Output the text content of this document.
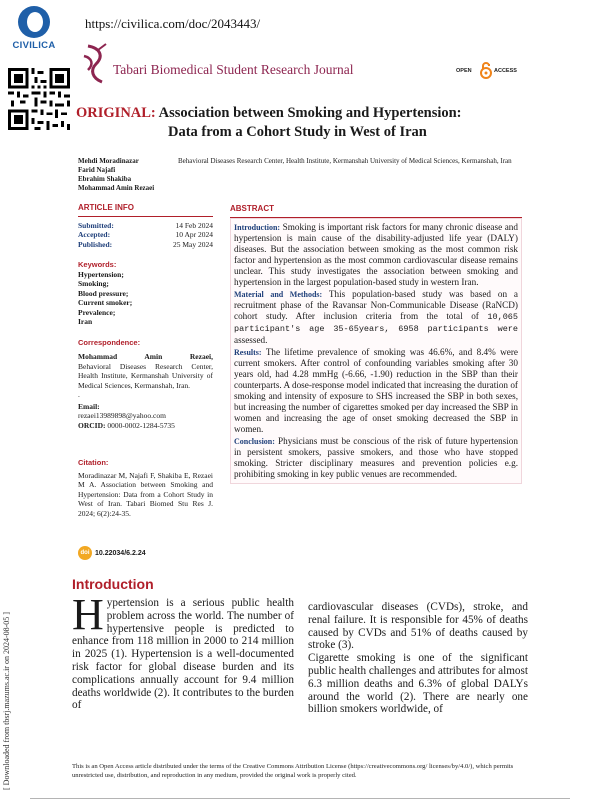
CIVILICA
https://civilica.com/doc/2043443/
Tabari Biomedical Student Research Journal	OPEN	ACCESS
ORIGINAL: Association between Smoking and Hypertension:
Data from a Cohort Study in West of Iran
Mehdi Moradinazar
Farid Najafi
Ebrahim Shakiba
Mohammad Amin Rezaei
Behavioral Diseases Research Center, Health Institute, Kermanshah University of Medical Sciences, Kermanshah, Iran
ARTICLE INFO
Submitted:	14 Feb 2024
Accepted:	10 Apr 2024
Published:	25 May 2024
Keywords:
Hypertension;
Smoking;
Blood pressure;
Current smoker;
Prevalence;
Iran
Correspondence:
Mohammad Amin Rezaei,
Behavioral Diseases Research Center, Health Institute, Kermanshah University of Medical Sciences, Kermanshah, Iran.
.
Email:
rezaei13989898@yahoo.com
ORCID: 0000-0002-1284-5735
Citation:
Moradinazar M, Najafi F, Shakiba E, Rezaei M A. Association between Smoking and Hypertension: Data from a Cohort Study in West of Iran. Tabari Biomed Stu Res J. 2024; 6(2):24-35.
doi 10.22034/6.2.24
ABSTRACT
Introduction: Smoking is important risk factors for many chronic disease and hypertension is main cause of the disability-adjusted life year (DALY) diseases. But the association between smoking as the most common risk factor and hypertension as the most common cardiovascular disease remains unclear. This study investigates the association between smoking and hypertension in the largest population-based study in western Iran.
Material and Methods: This population-based study was based on a recruitment phase of the Ravansar Non-Communicable Disease (RaNCD) cohort study. After inclusion criteria from the total of 10,065 participant's age 35-65years, 6958 participants were assessed.
Results: The lifetime prevalence of smoking was 46.6%, and 8.4% were current smokers. After control of confounding variables smoking after 30 years old, had 4.28 mmHg (-6.66, -1.90) reduction in the SBP than their counterparts. A dose-response model indicated that increasing the duration of smoking and intensity of exposure to SHS increased the SBP in both sexes, but increasing the number of cigarettes smoked per day increased the SBP in women and increasing the age of onset smoking decreased the SBP in women.
Conclusion: Physicians must be conscious of the risk of future hypertension in persistent smokers, passive smokers, and those who have stopped smoking. Stricter disciplinary measures and prevention policies e.g. prohibiting smoking in key public venues are recommended.
[ Downloaded from tbsrj.mazums.ac.ir on 2024-08-05 ]
Introduction
H ypertension is a serious public health problem across the world. The number of hypertensive people is predicted to enhance from 118 million in 2000 to 214 million in 2025 (1). Hypertension is a well-documented risk factor for global disease burden and its complications annually account for 9.4 million deaths worldwide (2). It contributes to the burden of
cardiovascular diseases (CVDs), stroke, and renal failure. It is responsible for 45% of deaths caused by CVDs and 51% of deaths caused by stroke (3).
Cigarette smoking is one of the significant public health challenges and attributes for almost 6.3 million deaths and 6.3% of global DALYs around the world (2). There are nearly one billion smokers worldwide, of
This is an Open Access article distributed under the terms of the Creative Commons Attribution License (https://creativecommons.org/ licenses/by/4.0/), which permits unrestricted use, distribution, and reproduction in any medium, provided the original work is properly cited.
